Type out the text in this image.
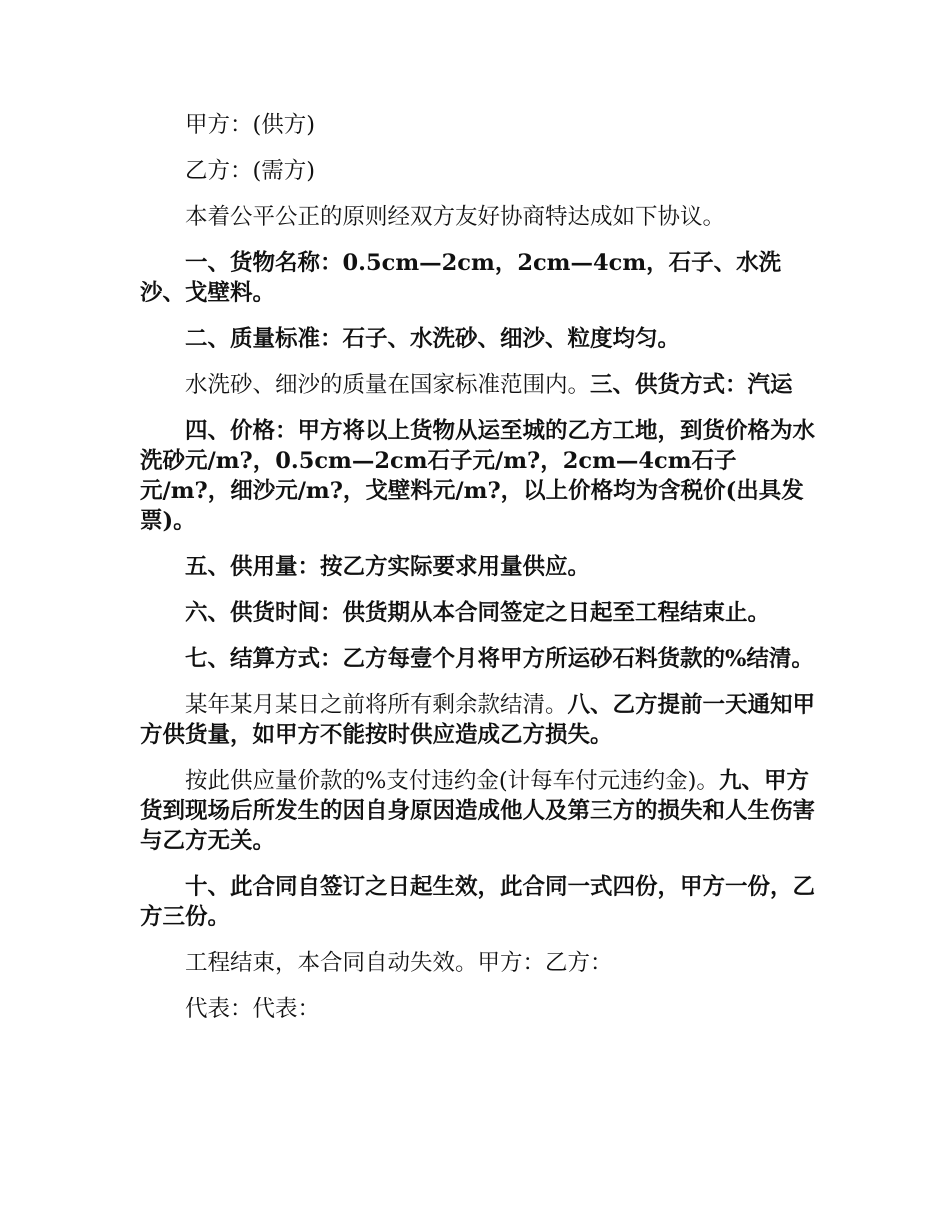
甲方：(供方)

乙方：(需方)

本着公平公正的原则经双方友好协商特达成如下协议。

一、货物名称：0.5cm—2cm，2cm—4cm，石子、水洗沙、戈壁料。

二、质量标准：石子、水洗砂、细沙、粒度均匀。

水洗砂、细沙的质量在国家标准范围内。三、供货方式：汽运

四、价格：甲方将以上货物从运至城的乙方工地，到货价格为水洗砂元/m?，0.5cm—2cm石子元/m?，2cm—4cm石子元/m?，细沙元/m?，戈壁料元/m?，以上价格均为含税价(出具发票)。

五、供用量：按乙方实际要求用量供应。

六、供货时间：供货期从本合同签定之日起至工程结束止。

七、结算方式：乙方每壹个月将甲方所运砂石料货款的%结清。

某年某月某日之前将所有剩余款结清。八、乙方提前一天通知甲方供货量，如甲方不能按时供应造成乙方损失。

按此供应量价款的%支付违约金(计每车付元违约金)。九、甲方货到现场后所发生的因自身原因造成他人及第三方的损失和人生伤害与乙方无关。

十、此合同自签订之日起生效，此合同一式四份，甲方一份，乙方三份。

工程结束，本合同自动失效。甲方：乙方：

代表：代表：
